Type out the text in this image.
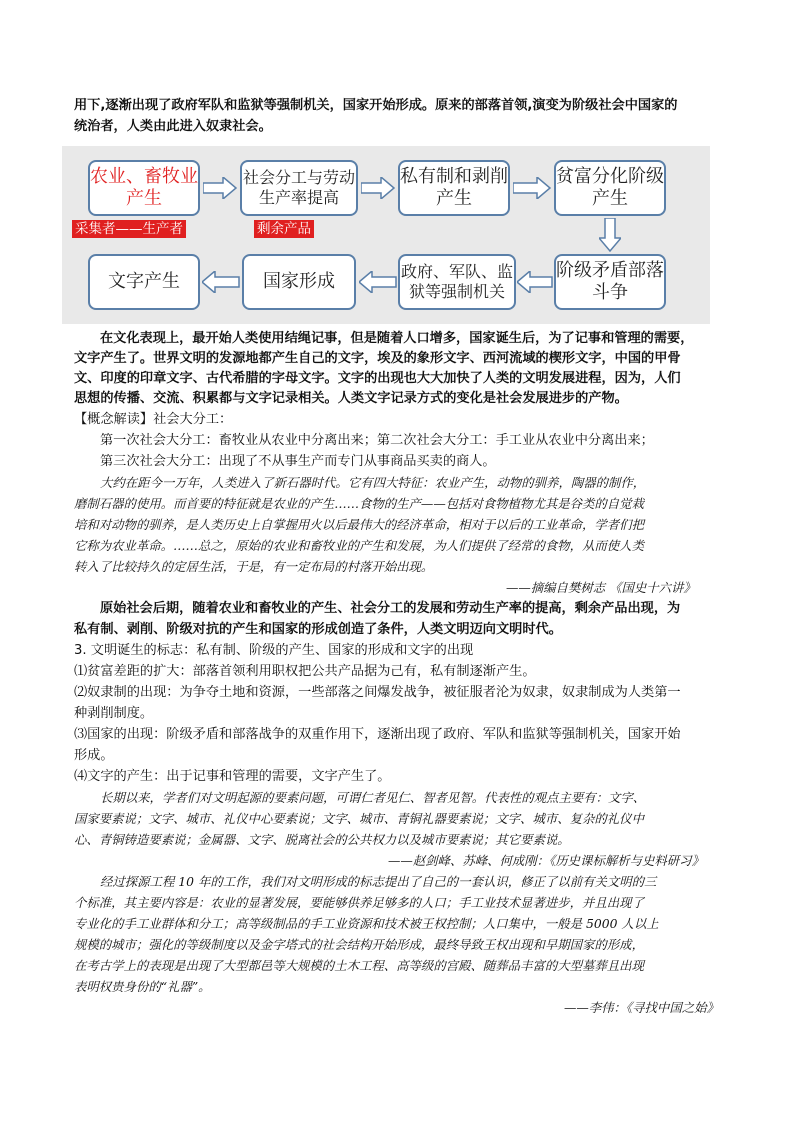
用下,逐渐出现了政府军队和监狱等强制机关，国家开始形成。原来的部落首领,演变为阶级社会中国家的
统治者，人类由此进入奴隶社会。
农业、畜牧业产生
社会分工与劳动生产率提高
私有制和剥削产生
贫富分化阶级产生
阶级矛盾部落斗争
政府、军队、监狱等强制机关
国家形成
文字产生
采集者——生产者	剩余产品
在文化表现上，最开始人类使用结绳记事，但是随着人口增多，国家诞生后，为了记事和管理的需要，
文字产生了。世界文明的发源地都产生自己的文字，埃及的象形文字、西河流域的楔形文字，中国的甲骨
文、印度的印章文字、古代希腊的字母文字。文字的出现也大大加快了人类的文明发展进程，因为，人们
思想的传播、交流、积累都与文字记录相关。人类文字记录方式的变化是社会发展进步的产物。
【概念解读】社会大分工：
第一次社会大分工：畜牧业从农业中分离出来；第二次社会大分工：手工业从农业中分离出来；
第三次社会大分工：出现了不从事生产而专门从事商品买卖的商人。
大约在距今一万年，人类进入了新石器时代。它有四大特征：农业产生，动物的驯养，陶器的制作，
磨制石器的使用。而首要的特征就是农业的产生……食物的生产——包括对食物植物尤其是谷类的自觉栽
培和对动物的驯养，是人类历史上自掌握用火以后最伟大的经济革命，相对于以后的工业革命，学者们把
它称为农业革命。……总之，原始的农业和畜牧业的产生和发展，为人们提供了经常的食物，从而使人类
转入了比较持久的定居生活，于是，有一定布局的村落开始出现。
——摘编自樊树志 《国史十六讲》
原始社会后期，随着农业和畜牧业的产生、社会分工的发展和劳动生产率的提高，剩余产品出现，为
私有制、剥削、阶级对抗的产生和国家的形成创造了条件，人类文明迈向文明时代。
3. 文明诞生的标志：私有制、阶级的产生、国家的形成和文字的出现
⑴贫富差距的扩大：部落首领利用职权把公共产品据为己有，私有制逐渐产生。
⑵奴隶制的出现：为争夺土地和资源，一些部落之间爆发战争，被征服者沦为奴隶，奴隶制成为人类第一
种剥削制度。
⑶国家的出现：阶级矛盾和部落战争的双重作用下，逐渐出现了政府、军队和监狱等强制机关，国家开始
形成。
⑷文字的产生：出于记事和管理的需要，文字产生了。
长期以来，学者们对文明起源的要素问题，可谓仁者见仁、智者见智。代表性的观点主要有：文字、
国家要素说；文字、城市、礼仪中心要素说；文字、城市、青铜礼器要素说；文字、城市、复杂的礼仪中
心、青铜铸造要素说；金属器、文字、脱离社会的公共权力以及城市要素说；其它要素说。
——赵剑峰、苏峰、何成刚：《历史课标解析与史料研习》
经过探源工程 10 年的工作，我们对文明形成的标志提出了自己的一套认识，修正了以前有关文明的三
个标准，其主要内容是：农业的显著发展，要能够供养足够多的人口；手工业技术显著进步，并且出现了
专业化的手工业群体和分工；高等级制品的手工业资源和技术被王权控制；人口集中，一般是 5000 人以上
规模的城市；强化的等级制度以及金字塔式的社会结构开始形成，最终导致王权出现和早期国家的形成，
在考古学上的表现是出现了大型都邑等大规模的土木工程、高等级的宫殿、随葬品丰富的大型墓葬且出现
表明权贵身份的“礼器”。
——李伟：《寻找中国之始》
